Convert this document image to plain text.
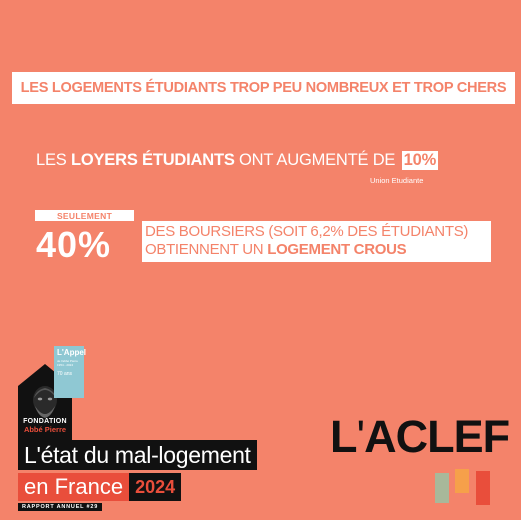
LES LOGEMENTS ÉTUDIANTS TROP PEU NOMBREUX ET TROP CHERS
LES LOYERS ÉTUDIANTS ONT AUGMENTÉ DE 10%
Union Etudiante
SEULEMENT
40% DES BOURSIERS (SOIT 6,2% DES ÉTUDIANTS)
OBTIENNENT UN LOGEMENT CROUS
L'Appel
de l'abbé Pierre 1954 - 2024
70 ans
FONDATION
Abbé Pierre
L'état du mal-logement
en France 2024
RAPPORT ANNUEL #29
L'ACLEF
